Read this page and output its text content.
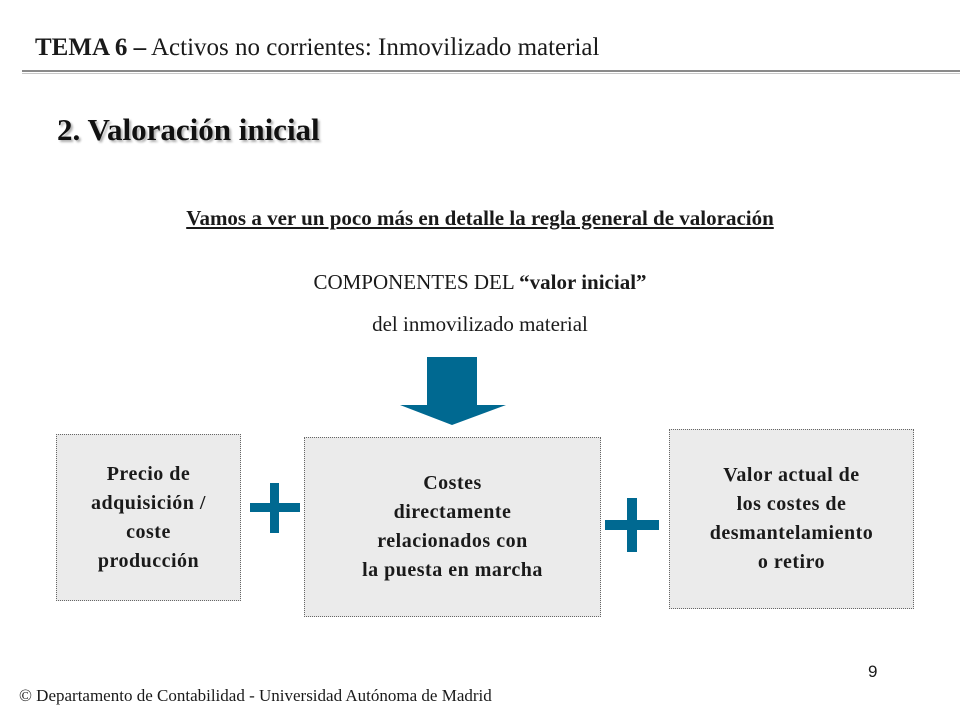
TEMA 6 – Activos no corrientes: Inmovilizado material
2. Valoración inicial
Vamos a ver un poco más en detalle la regla general de valoración
COMPONENTES DEL “valor inicial”
del inmovilizado material
Precio de
adquisición /
coste
producción
Costes
directamente
relacionados con
la puesta en marcha
Valor actual de
los costes de
desmantelamiento
o retiro
9
© Departamento de Contabilidad - Universidad Autónoma de Madrid
